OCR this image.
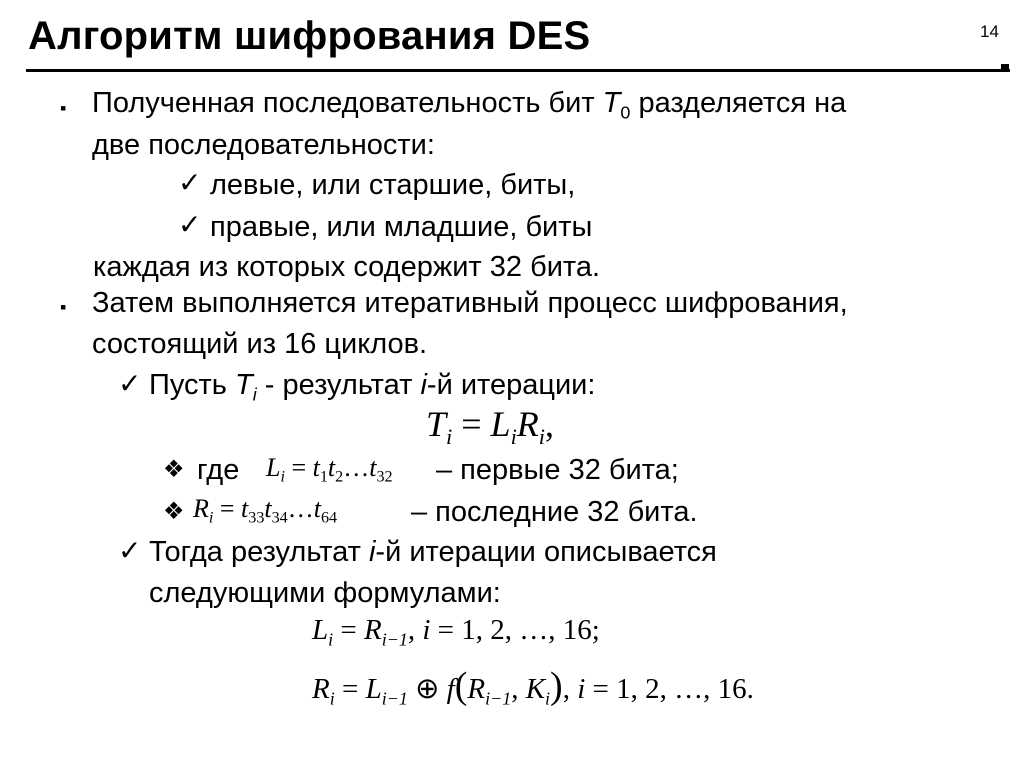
Алгоритм шифрования DES	14
▪ Полученная последовательность бит $T_0$ разделяется на
две последовательности:
✓ левые, или старшие, биты,
✓ правые, или младшие, биты
каждая из которых содержит 32 бита.
▪ Затем выполняется итеративный процесс шифрования,
состоящий из 16 циклов.
✓ Пусть $T_i$ - результат i-й итерации:
$T_i = L_iR_i$,
❖ где $L_i$ = $t_1t_2\dots t_{32}$ – первые 32 бита;
❖ $R_i$ = $t_{33}t_{34}\dots t_{64}$	– последние 32 бита.
✓ Тогда результат i-й итерации описывается
следующими формулами:
$L_i = R_{i-1}$, i = 1, 2, …, 16;
$R_i = L_{i-1}$ ⊕ $f(R_{i-1}$, $K_i$), i = 1, 2, …, 16.
